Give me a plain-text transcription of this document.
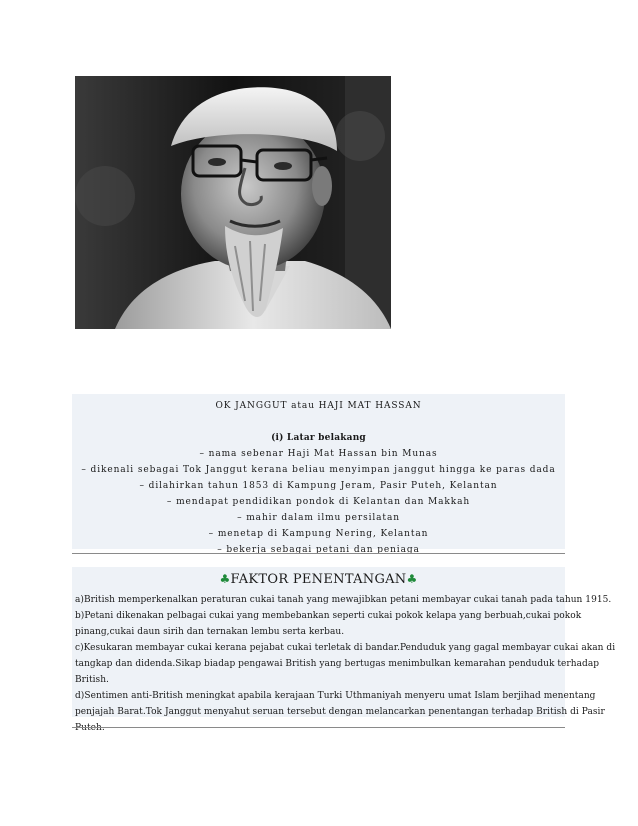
OK JANGGUT atau HAJI MAT HASSAN
(i) Latar belakang
– nama sebenar Haji Mat Hassan bin Munas
– dikenali sebagai Tok Janggut kerana beliau menyimpan janggut hingga ke paras dada
– dilahirkan tahun 1853 di Kampung Jeram, Pasir Puteh, Kelantan
– mendapat pendidikan pondok di Kelantan dan Makkah
– mahir dalam ilmu persilatan
– menetap di Kampung Nering, Kelantan
– bekerja sebagai petani dan peniaga
♣FAKTOR PENENTANGAN♣
a)British memperkenalkan peraturan cukai tanah yang mewajibkan petani membayar cukai tanah pada tahun 1915.
b)Petani dikenakan pelbagai cukai yang membebankan seperti cukai pokok kelapa yang berbuah,cukai pokok
pinang,cukai daun sirih dan ternakan lembu serta kerbau.
c)Kesukaran membayar cukai kerana pejabat cukai terletak di bandar.Penduduk yang gagal membayar cukai akan di
tangkap dan didenda.Sikap biadap pengawai British yang bertugas menimbulkan kemarahan penduduk terhadap
British.
d)Sentimen anti-British meningkat apabila kerajaan Turki Uthmaniyah menyeru umat Islam berjihad menentang
penjajah Barat.Tok Janggut menyahut seruan tersebut dengan melancarkan penentangan terhadap British di Pasir
Puteh.
